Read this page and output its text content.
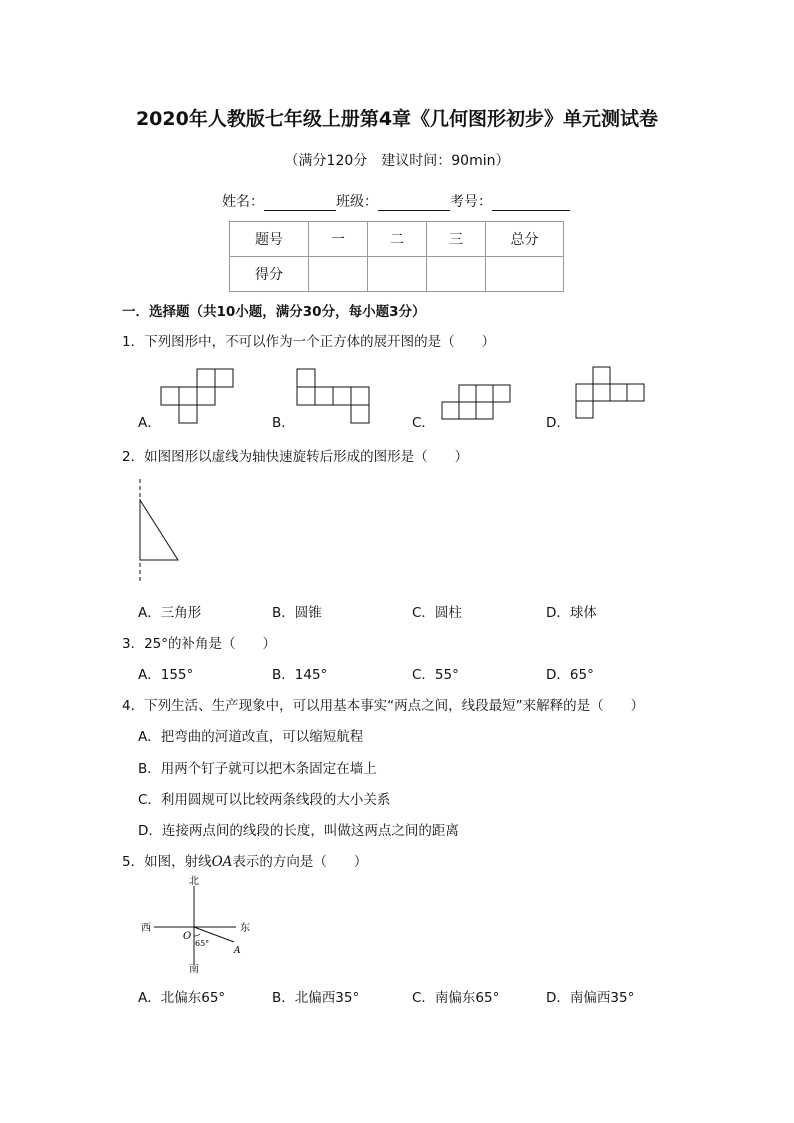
2020年人教版七年级上册第4章《几何图形初步》单元测试卷
（满分120分　建议时间：90min）
姓名：	班级：	考号：
题号	一	二	三	总分
得分				
一．选择题（共10小题，满分30分，每小题3分）
1．下列图形中，不可以作为一个正方体的展开图的是（　　）
A．	B．	C．	D．
2．如图图形以虚线为轴快速旋转后形成的图形是（　　）
A．三角形	B．圆锥	C．圆柱	D．球体
3．25°的补角是（　　）
A．155°	B．145°	C．55°	D．65°
4．下列生活、生产现象中，可以用基本事实“两点之间，线段最短”来解释的是（　　）
A．把弯曲的河道改直，可以缩短航程
B．用两个钉子就可以把木条固定在墙上
C．利用圆规可以比较两条线段的大小关系
D．连接两点间的线段的长度，叫做这两点之间的距离
5．如图，射线OA表示的方向是（　　）
北
南
西	东
O
A
65°
A．北偏东65°	B．北偏西35°	C．南偏东65°	D．南偏西35°
